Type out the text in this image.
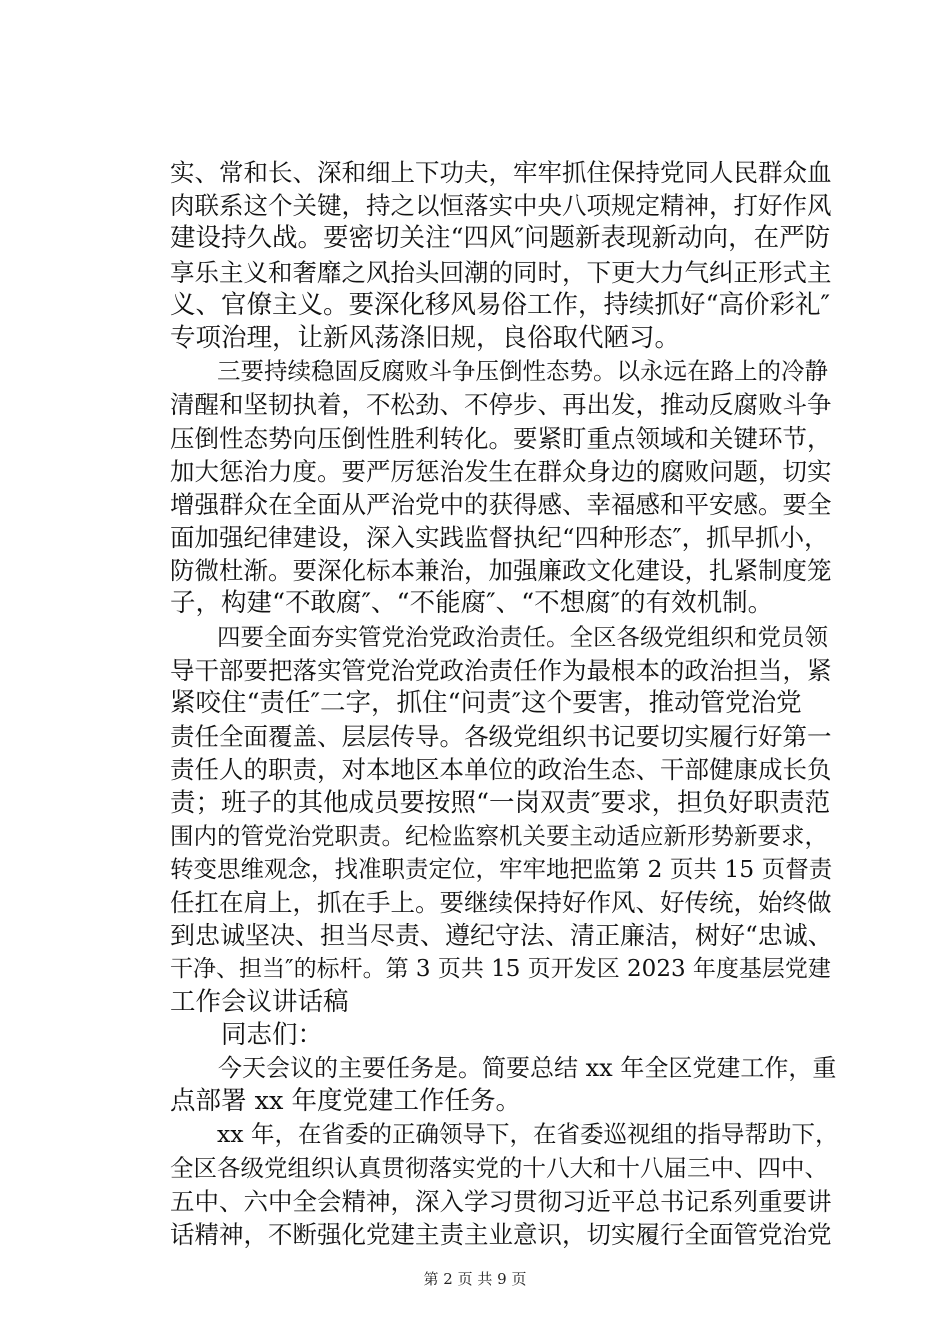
实、常和长、深和细上下功夫，牢牢抓住保持党同人民群众血
肉联系这个关键，持之以恒落实中央八项规定精神，打好作风
建设持久战。要密切关注“四风″问题新表现新动向，在严防
享乐主义和奢靡之风抬头回潮的同时，下更大力气纠正形式主
义、官僚主义。要深化移风易俗工作，持续抓好“高价彩礼″
专项治理，让新风荡涤旧规，良俗取代陋习。
　　三要持续稳固反腐败斗争压倒性态势。以永远在路上的冷静
清醒和坚韧执着，不松劲、不停步、再出发，推动反腐败斗争
压倒性态势向压倒性胜利转化。要紧盯重点领域和关键环节，
加大惩治力度。要严厉惩治发生在群众身边的腐败问题，切实
增强群众在全面从严治党中的获得感、幸福感和平安感。要全
面加强纪律建设，深入实践监督执纪“四种形态″，抓早抓小，
防微杜渐。要深化标本兼治，加强廉政文化建设，扎紧制度笼
子，构建“不敢腐″、“不能腐″、“不想腐″的有效机制。
　　四要全面夯实管党治党政治责任。全区各级党组织和党员领
导干部要把落实管党治党政治责任作为最根本的政治担当，紧
紧咬住“责任″二字，抓住“问责″这个要害，推动管党治党
责任全面覆盖、层层传导。各级党组织书记要切实履行好第一
责任人的职责，对本地区本单位的政治生态、干部健康成长负
责；班子的其他成员要按照“一岗双责″要求，担负好职责范
围内的管党治党职责。纪检监察机关要主动适应新形势新要求，
转变思维观念，找准职责定位，牢牢地把监第 2 页共 15 页督责
任扛在肩上，抓在手上。要继续保持好作风、好传统，始终做
到忠诚坚决、担当尽责、遵纪守法、清正廉洁，树好“忠诚、
干净、担当″的标杆。第 3 页共 15 页开发区 2023 年度基层党建
工作会议讲话稿
　　同志们：
　　今天会议的主要任务是。简要总结 xx 年全区党建工作，重
点部署 xx 年度党建工作任务。
　　xx 年，在省委的正确领导下，在省委巡视组的指导帮助下，
全区各级党组织认真贯彻落实党的十八大和十八届三中、四中、
五中、六中全会精神，深入学习贯彻习近平总书记系列重要讲
话精神，不断强化党建主责主业意识，切实履行全面管党治党
第 2 页 共 9 页
